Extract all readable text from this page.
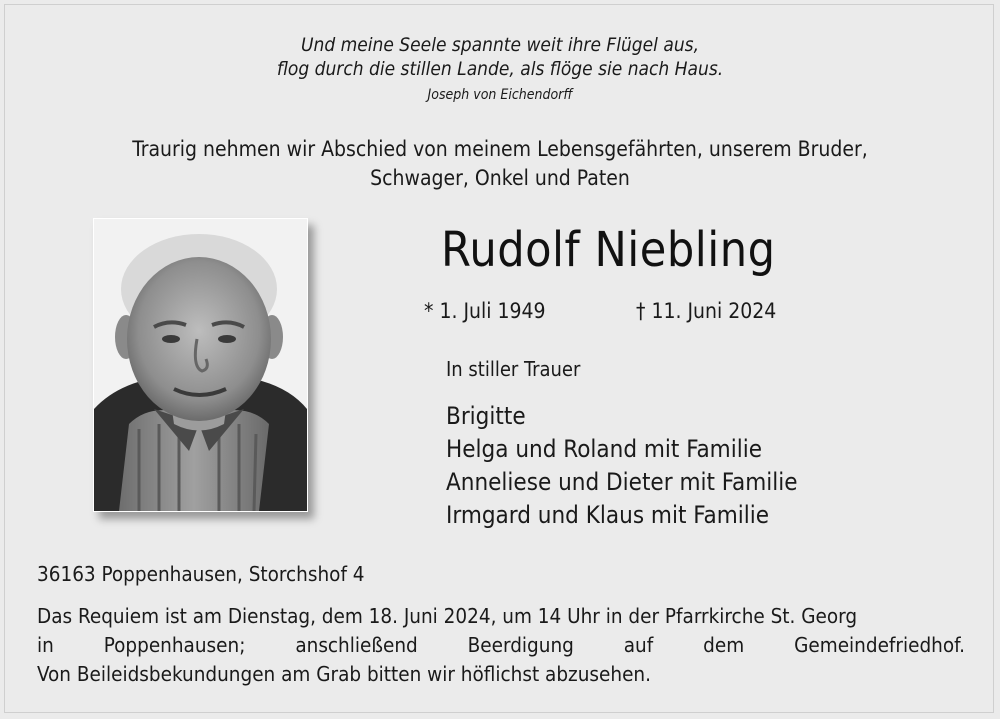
Und meine Seele spannte weit ihre Flügel aus,
flog durch die stillen Lande, als flöge sie nach Haus.
Joseph von Eichendorff
Traurig nehmen wir Abschied von meinem Lebensgefährten, unserem Bruder,
Schwager, Onkel und Paten
Rudolf Niebling
* 1. Juli 1949	† 11. Juni 2024
In stiller Trauer
Brigitte
Helga und Roland mit Familie
Anneliese und Dieter mit Familie
Irmgard und Klaus mit Familie
36163 Poppenhausen, Storchshof 4

Das Requiem ist am Dienstag, dem 18. Juni 2024, um 14 Uhr in der Pfarrkirche St. Georg

in Poppenhausen; anschließend Beerdigung auf dem Gemeindefriedhof.

Von Beileidsbekundungen am Grab bitten wir höflichst abzusehen.
